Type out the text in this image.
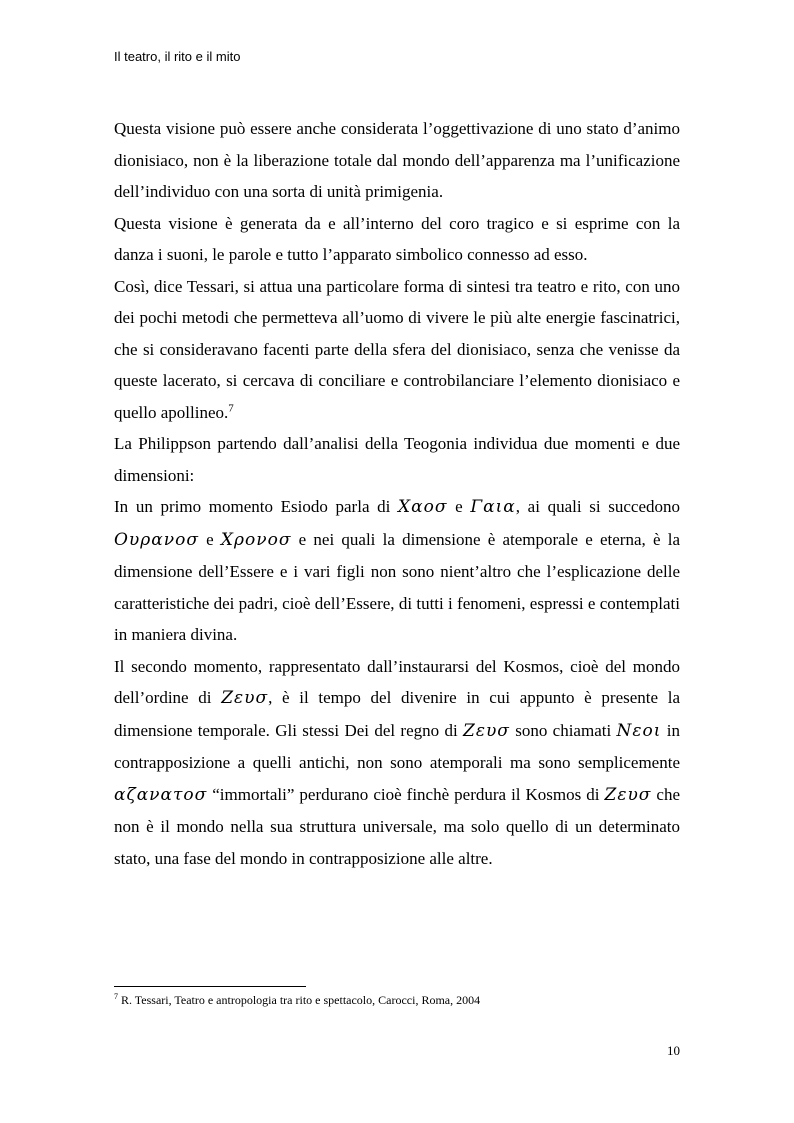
Il teatro, il rito e il mito

Questa visione può essere anche considerata l’oggettivazione di uno stato d’animo dionisiaco, non è la liberazione totale dal mondo dell’apparenza ma l’unificazione dell’individuo con una sorta di unità primigenia.

Questa visione è generata da e all’interno del coro tragico e si esprime con la danza i suoni, le parole e tutto l’apparato simbolico connesso ad esso.

Così, dice Tessari, si attua una particolare forma di sintesi tra teatro e rito, con uno dei pochi metodi che permetteva all’uomo di vivere le più alte energie fascinatrici, che si consideravano facenti parte della sfera del dionisiaco, senza che venisse da queste lacerato, si cercava di conciliare e controbilanciare l’elemento dionisiaco e quello apollineo.$^7$

La Philippson partendo dall’analisi della Teogonia individua due momenti e due dimensioni:

In un primo momento Esiodo parla di Χαοσ e Γαια, ai quali si succedono Ουρανοσ e Χρονοσ e nei quali la dimensione è atemporale e eterna, è la dimensione dell’Essere e i vari figli non sono nient’altro che l’esplicazione delle caratteristiche dei padri, cioè dell’Essere, di tutti i fenomeni, espressi e contemplati in maniera divina.

Il secondo momento, rappresentato dall’instaurarsi del Kosmos, cioè del mondo dell’ordine di Ζευσ, è il tempo del divenire in cui appunto è presente la dimensione temporale. Gli stessi Dei del regno di Ζευσ sono chiamati Νεοι in contrapposizione a quelli antichi, non sono atemporali ma sono semplicemente αζανατοσ “immortali” perdurano cioè finchè perdura il Kosmos di Ζευσ che non è il mondo nella sua struttura universale, ma solo quello di un determinato stato, una fase del mondo in contrapposizione alle altre.

$^7$ R. Tessari, Teatro e antropologia tra rito e spettacolo, Carocci, Roma, 2004
10
